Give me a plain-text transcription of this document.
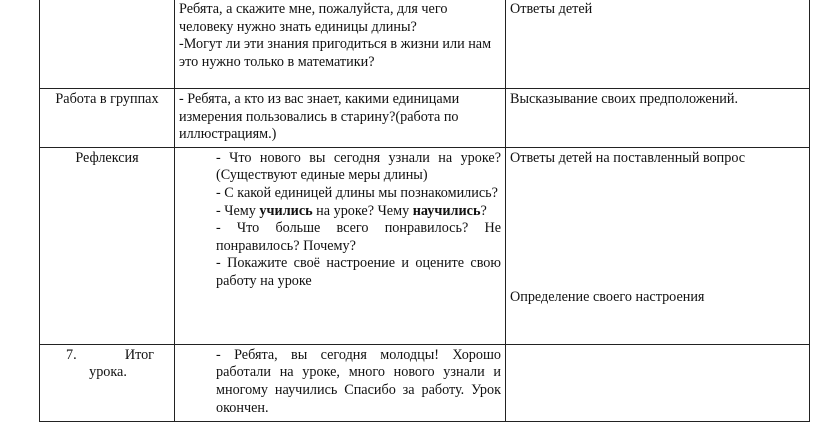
	Ребята, а скажите мне, пожалуйста, для чего человеку нужно знать единицы длины?
-Могут ли эти знания пригодиться в жизни или нам это нужно только в математики?	Ответы детей

Работа в группах	- Ребята, а кто из вас знает, какими единицами измерения пользовались в старину?(работа по иллюстрациям.)	Высказывание своих предположений.

Рефлексия	- Что нового вы сегодня узнали на уроке? (Существуют единые меры длины)
- С какой единицей длины мы познакомились?
- Чему учились на уроке? Чему научились?
- Что больше всего понравилось? Не понравилось? Почему?
- Покажите своё настроение и оцените свою работу на уроке	Ответы детей на поставленный вопрос
Определение своего настроения

7. Итог
урока.	- Ребята, вы сегодня молодцы! Хорошо работали на уроке, много нового узнали и многому научились Спасибо за работу. Урок окончен.	
